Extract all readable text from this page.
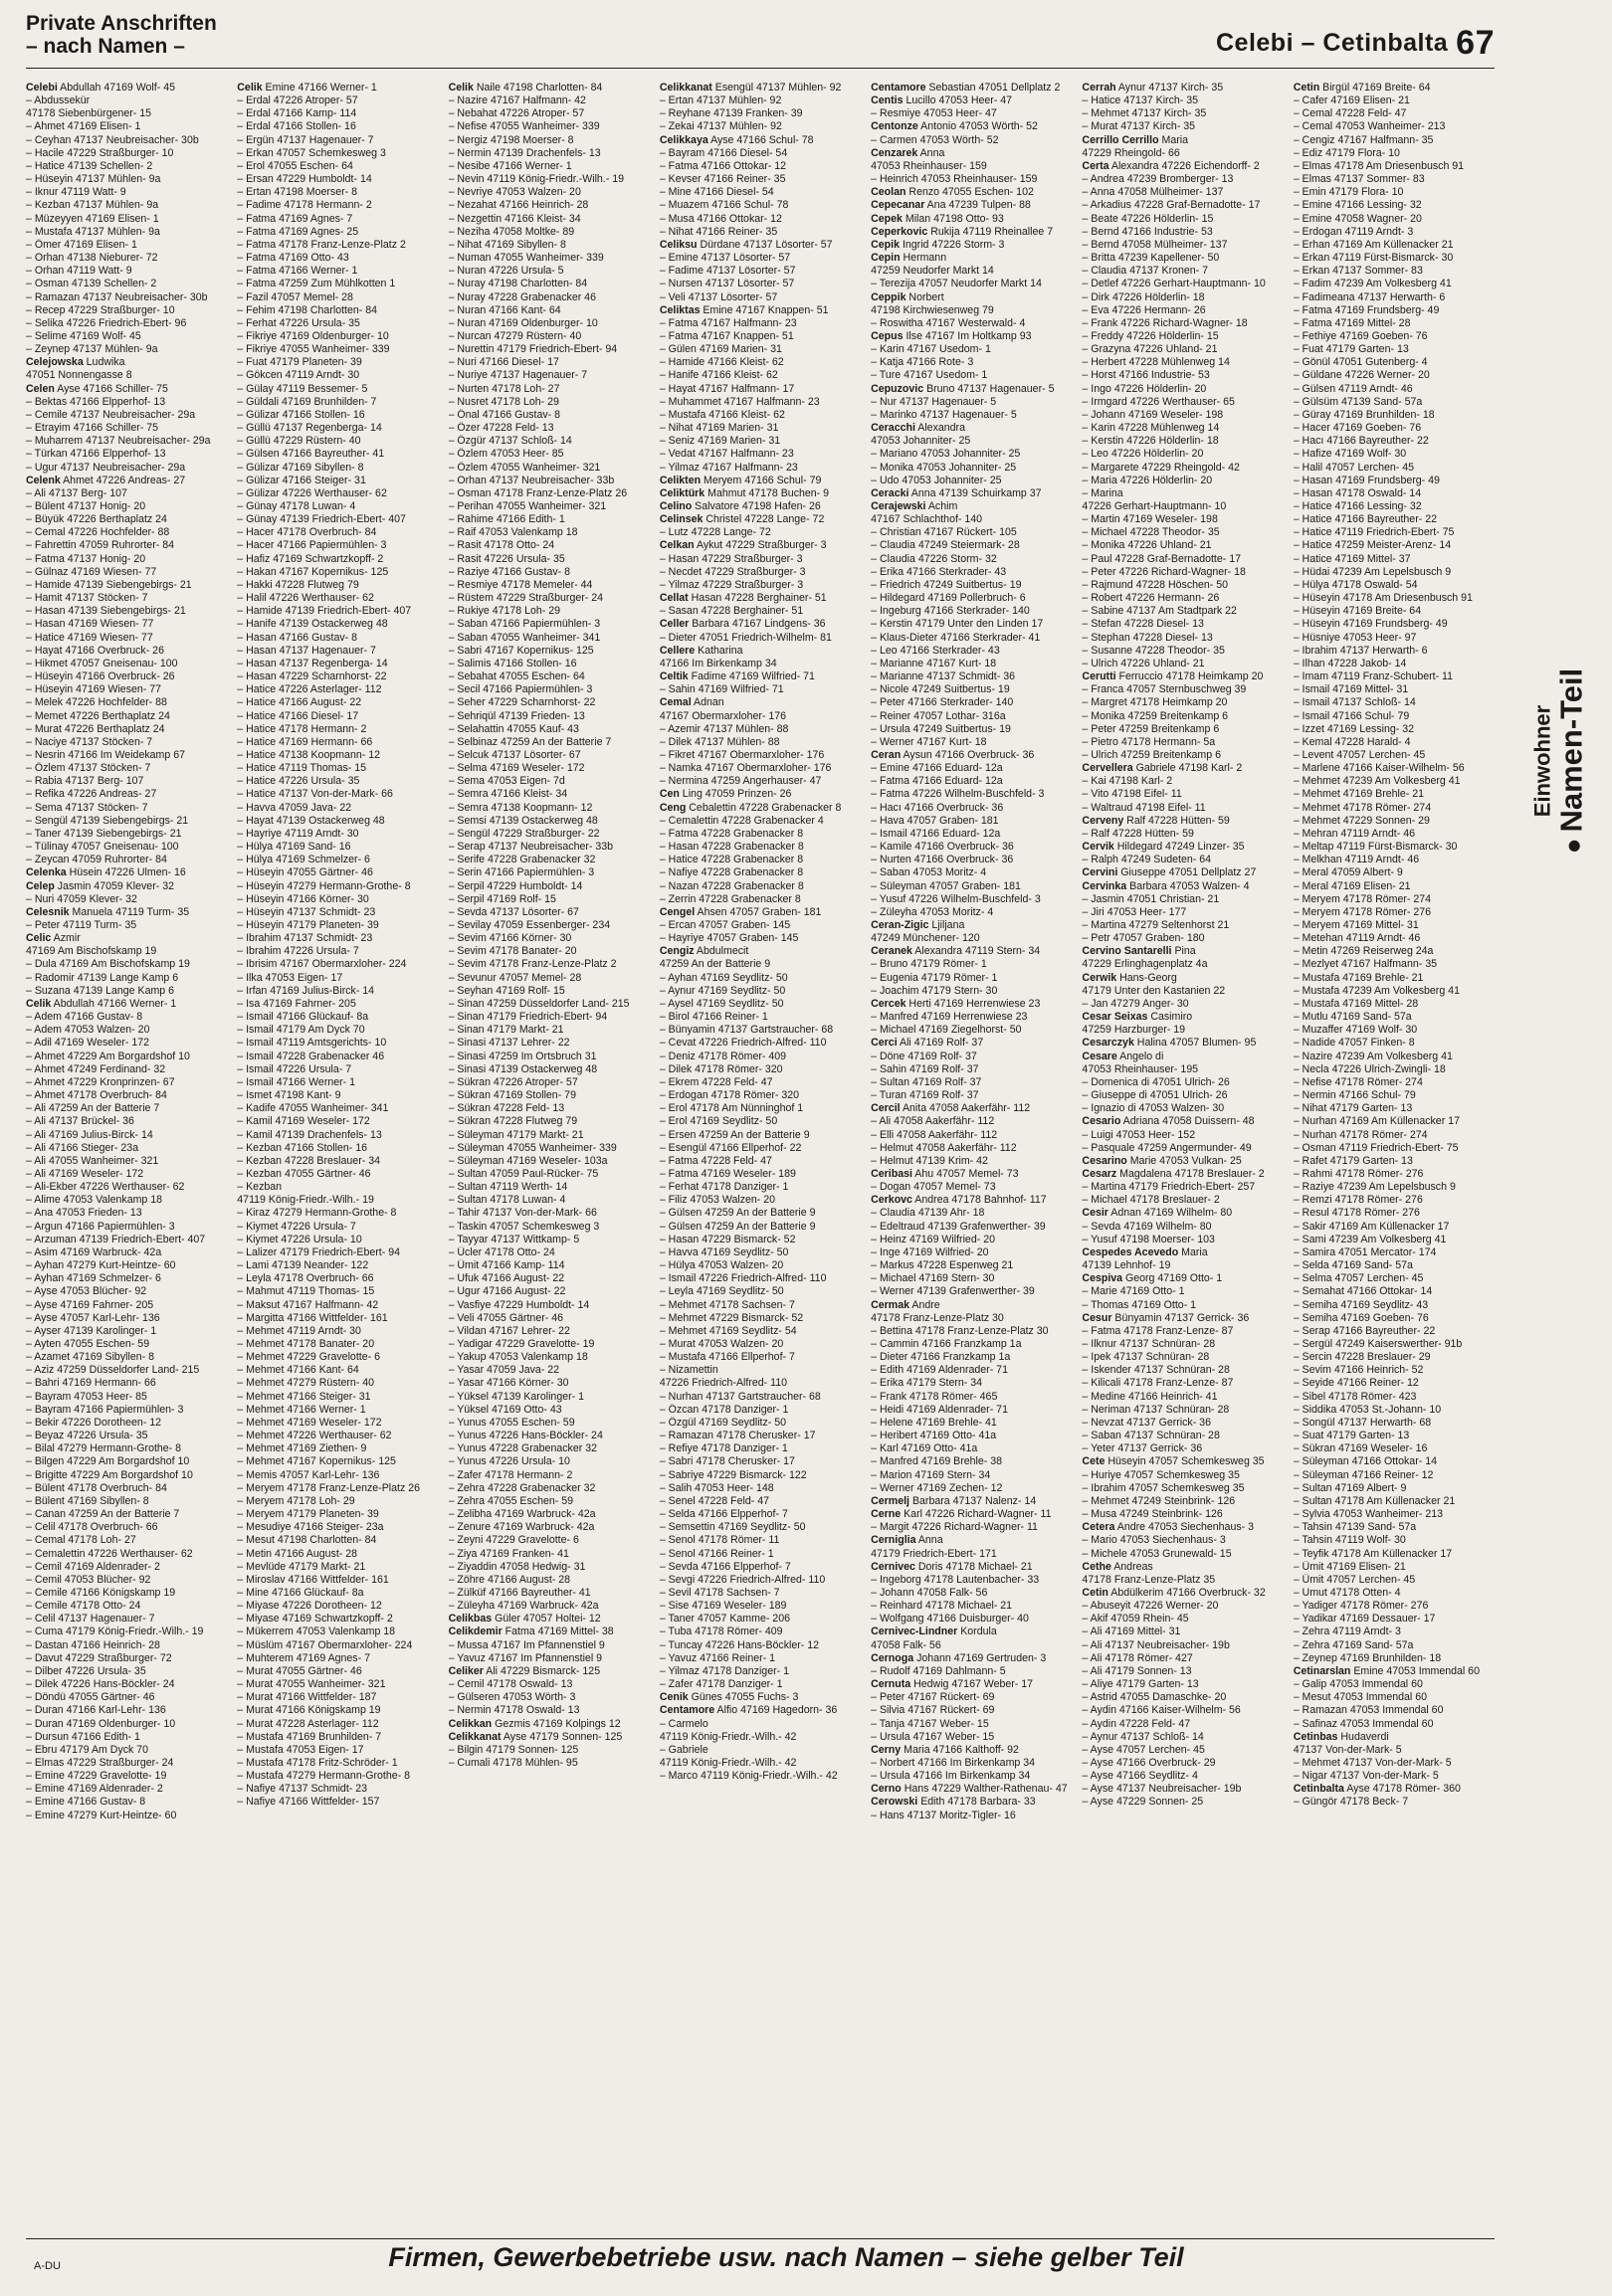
Private Anschriften
– nach Namen –	Celebi – Cetinbalta 67
Celebi Abdullah 47169 Wolf- 45
– Abdussekür
47178 Siebenbürgener- 15
– Ahmet 47169 Elisen- 1
– Ceyhan 47137 Neubreisacher- 30b
– Hacile 47229 Straßburger- 10
– Hatice 47139 Schellen- 2
– Hüseyin 47137 Mühlen- 9a
– Iknur 47119 Watt- 9
– Kezban 47137 Mühlen- 9a
– Müzeyyen 47169 Elisen- 1
– Mustafa 47137 Mühlen- 9a
– Ömer 47169 Elisen- 1
– Orhan 47138 Nieburer- 72
– Orhan 47119 Watt- 9
– Osman 47139 Schellen- 2
– Ramazan 47137 Neubreisacher- 30b
– Recep 47229 Straßburger- 10
– Selika 47226 Friedrich-Ebert- 96
– Selime 47169 Wolf- 45
– Zeynep 47137 Mühlen- 9a
Celejowska Ludwika
47051 Nonnengasse 8
Celen Ayse 47166 Schiller- 75
– Bektas 47166 Elpperhof- 13
– Cemile 47137 Neubreisacher- 29a
– Etrayim 47166 Schiller- 75
– Muharrem 47137 Neubreisacher- 29a
– Türkan 47166 Elpperhof- 13
– Ugur 47137 Neubreisacher- 29a
Celenk Ahmet 47226 Andreas- 27
– Ali 47137 Berg- 107
– Bülent 47137 Honig- 20
– Büyük 47226 Berthaplatz 24
– Cemal 47226 Hochfelder- 88
– Fahrettin 47059 Ruhrorter- 84
– Fatma 47137 Honig- 20
– Gülnaz 47169 Wiesen- 77
– Hamide 47139 Siebengebirgs- 21
– Hamit 47137 Stöcken- 7
– Hasan 47139 Siebengebirgs- 21
– Hasan 47169 Wiesen- 77
– Hatice 47169 Wiesen- 77
– Hayat 47166 Overbruck- 26
– Hikmet 47057 Gneisenau- 100
– Hüseyin 47166 Overbruck- 26
– Hüseyin 47169 Wiesen- 77
– Melek 47226 Hochfelder- 88
– Memet 47226 Berthaplatz 24
– Murat 47226 Berthaplatz 24
– Naciye 47137 Stöcken- 7
– Nesrin 47166 Im Weidekamp 67
– Özlem 47137 Stöcken- 7
– Rabia 47137 Berg- 107
– Refika 47226 Andreas- 27
– Sema 47137 Stöcken- 7
– Sengül 47139 Siebengebirgs- 21
– Taner 47139 Siebengebirgs- 21
– Tülinay 47057 Gneisenau- 100
– Zeycan 47059 Ruhrorter- 84
Celenka Hüsein 47226 Ulmen- 16
Celep Jasmin 47059 Klever- 32
– Nuri 47059 Klever- 32
Celesnik Manuela 47119 Turm- 35
– Peter 47119 Turm- 35
Celic Azmir
47169 Am Bischofskamp 19
– Dula 47169 Am Bischofskamp 19
– Radomir 47139 Lange Kamp 6
– Suzana 47139 Lange Kamp 6
Celik Abdullah 47166 Werner- 1
– Adem 47166 Gustav- 8
– Adem 47053 Walzen- 20
– Adil 47169 Weseler- 172
– Ahmet 47229 Am Borgardshof 10
– Ahmet 47249 Ferdinand- 32
– Ahmet 47229 Kronprinzen- 67
– Ahmet 47178 Overbruch- 84
– Ali 47259 An der Batterie 7
– Ali 47137 Brückel- 36
– Ali 47169 Julius-Birck- 14
– Ali 47166 Stieger- 23a
– Ali 47055 Wanheimer- 321
– Ali 47169 Weseler- 172
– Ali-Ekber 47226 Werthauser- 62
– Alime 47053 Valenkamp 18
– Ana 47053 Frieden- 13
– Argun 47166 Papiermühlen- 3
– Arzuman 47139 Friedrich-Ebert- 407
– Asim 47169 Warbruck- 42a
– Ayhan 47279 Kurt-Heintze- 60
– Ayhan 47169 Schmelzer- 6
– Ayse 47053 Blücher- 92
– Ayse 47169 Fahrner- 205
– Ayse 47057 Karl-Lehr- 136
– Ayser 47139 Karolinger- 1
– Ayten 47055 Eschen- 59
– Azamet 47169 Sibyllen- 8
– Aziz 47259 Düsseldorfer Land- 215
– Bahri 47169 Hermann- 66
– Bayram 47053 Heer- 85
– Bayram 47166 Papiermühlen- 3
– Bekir 47226 Dorotheen- 12
– Beyaz 47226 Ursula- 35
– Bilal 47279 Hermann-Grothe- 8
– Bilgen 47229 Am Borgardshof 10
– Brigitte 47229 Am Borgardshof 10
– Bülent 47178 Overbruch- 84
– Bülent 47169 Sibyllen- 8
– Canan 47259 An der Batterie 7
– Celil 47178 Overbruch- 66
– Cemal 47178 Loh- 27
– Cemalettin 47226 Werthauser- 62
– Cemil 47169 Aldenrader- 2
– Cemil 47053 Blücher- 92
– Cemile 47166 Königskamp 19
– Cemile 47178 Otto- 24
– Celil 47137 Hagenauer- 7
– Cuma 47179 König-Friedr.-Wilh.- 19
– Dastan 47166 Heinrich- 28
– Davut 47229 Straßburger- 72
– Dilber 47226 Ursula- 35
– Dilek 47226 Hans-Böckler- 24
– Döndü 47055 Gärtner- 46
– Duran 47166 Karl-Lehr- 136
– Duran 47169 Oldenburger- 10
– Dursun 47166 Edith- 1
– Ebru 47179 Am Dyck 70
– Elmas 47229 Straßburger- 24
– Emine 47229 Gravelotte- 19
– Emine 47169 Aldenrader- 2
– Emine 47166 Gustav- 8
– Emine 47279 Kurt-Heintze- 60
Celik Emine 47166 Werner- 1
– Erdal 47226 Atroper- 57
– Erdal 47166 Kamp- 114
– Erdal 47166 Stollen- 16
– Ergün 47137 Hagenauer- 7
– Erkan 47057 Schemkesweg 3
– Erol 47055 Eschen- 64
– Ersan 47229 Humboldt- 14
– Ertan 47198 Moerser- 8
– Fadime 47178 Hermann- 2
– Fatma 47169 Agnes- 7
– Fatma 47169 Agnes- 25
– Fatma 47178 Franz-Lenze-Platz 2
– Fatma 47169 Otto- 43
– Fatma 47166 Werner- 1
– Fatma 47259 Zum Mühlkotten 1
– Fazil 47057 Memel- 28
– Fehim 47198 Charlotten- 84
– Ferhat 47226 Ursula- 35
– Fikriye 47169 Oldenburger- 10
– Fikriye 47055 Wanheimer- 339
– Fuat 47179 Planeten- 39
– Gökcen 47119 Arndt- 30
– Gülay 47119 Bessemer- 5
– Güldali 47169 Brunhilden- 7
– Gülizar 47166 Stollen- 16
– Güllü 47137 Regenberga- 14
– Güllü 47229 Rüstern- 40
– Gülsen 47166 Bayreuther- 41
– Gülizar 47169 Sibyllen- 8
– Gülizar 47166 Steiger- 31
– Gülizar 47226 Werthauser- 62
– Günay 47178 Luwan- 4
– Günay 47139 Friedrich-Ebert- 407
– Hacer 47178 Overbruch- 84
– Hacer 47166 Papiermühlen- 3
– Hafiz 47169 Schwartzkopff- 2
– Hakan 47167 Kopernikus- 125
– Hakki 47228 Flutweg 79
– Halil 47226 Werthauser- 62
– Hamide 47139 Friedrich-Ebert- 407
– Hanife 47139 Ostackerweg 48
– Hasan 47166 Gustav- 8
– Hasan 47137 Hagenauer- 7
– Hasan 47137 Regenberga- 14
– Hasan 47229 Scharnhorst- 22
– Hatice 47226 Asterlager- 112
– Hatice 47166 August- 22
– Hatice 47166 Diesel- 17
– Hatice 47178 Hermann- 2
– Hatice 47169 Hermann- 66
– Hatice 47138 Koopmann- 12
– Hatice 47119 Thomas- 15
– Hatice 47226 Ursula- 35
– Hatice 47137 Von-der-Mark- 66
– Havva 47059 Java- 22
– Hayat 47139 Ostackerweg 48
– Hayriye 47119 Arndt- 30
– Hülya 47169 Sand- 16
– Hülya 47169 Schmelzer- 6
– Hüseyin 47055 Gärtner- 46
– Hüseyin 47279 Hermann-Grothe- 8
– Hüseyin 47166 Körner- 30
– Hüseyin 47137 Schmidt- 23
– Hüseyin 47179 Planeten- 39
– Ibrahim 47137 Schmidt- 23
– Ibrahim 47226 Ursula- 7
– Ibrisim 47167 Obermarxloher- 224
– Ilka 47053 Eigen- 17
– Irfan 47169 Julius-Birck- 14
– Isa 47169 Fahrner- 205
– Ismail 47166 Glückauf- 8a
– Ismail 47179 Am Dyck 70
– Ismail 47119 Amtsgerichts- 10
– Ismail 47228 Grabenacker 46
– Ismail 47226 Ursula- 7
– Ismail 47166 Werner- 1
– Ismet 47198 Kant- 9
– Kadife 47055 Wanheimer- 341
– Kamil 47169 Weseler- 172
– Kamil 47139 Drachenfels- 13
– Kezban 47166 Stollen- 16
– Kezban 47228 Breslauer- 34
– Kezban 47055 Gärtner- 46
– Kezban
47119 König-Friedr.-Wilh.- 19
– Kiraz 47279 Hermann-Grothe- 8
– Kiymet 47226 Ursula- 7
– Kiymet 47226 Ursula- 10
– Lalizer 47179 Friedrich-Ebert- 94
– Lami 47139 Neander- 122
– Leyla 47178 Overbruch- 66
– Mahmut 47119 Thomas- 15
– Maksut 47167 Halfmann- 42
– Margitta 47166 Wittfelder- 161
– Mehmet 47119 Arndt- 30
– Mehmet 47178 Banater- 20
– Mehmet 47229 Gravelotte- 6
– Mehmet 47166 Kant- 64
– Mehmet 47279 Rüstern- 40
– Mehmet 47166 Steiger- 31
– Mehmet 47166 Werner- 1
– Mehmet 47169 Weseler- 172
– Mehmet 47226 Werthauser- 62
– Mehmet 47169 Ziethen- 9
– Mehmet 47167 Kopernikus- 125
– Memis 47057 Karl-Lehr- 136
– Meryem 47178 Franz-Lenze-Platz 26
– Meryem 47178 Loh- 29
– Meryem 47179 Planeten- 39
– Mesudiye 47166 Steiger- 23a
– Mesut 47198 Charlotten- 84
– Metin 47166 August- 28
– Mevlüde 47179 Markt- 21
– Miroslav 47166 Wittfelder- 161
– Mine 47166 Glückauf- 8a
– Miyase 47226 Dorotheen- 12
– Miyase 47169 Schwartzkopff- 2
– Mükerrem 47053 Valenkamp 18
– Müslüm 47167 Obermarxloher- 224
– Muhterem 47169 Agnes- 7
– Murat 47055 Gärtner- 46
– Murat 47055 Wanheimer- 321
– Murat 47166 Wittfelder- 187
– Murat 47166 Königskamp 19
– Murat 47228 Asterlager- 112
– Mustafa 47169 Brunhilden- 7
– Mustafa 47053 Eigen- 17
– Mustafa 47178 Fritz-Schröder- 1
– Mustafa 47279 Hermann-Grothe- 8
– Nafiye 47137 Schmidt- 23
– Nafiye 47166 Wittfelder- 157
Celik Naile 47198 Charlotten- 84
– Nazire 47167 Halfmann- 42
– Nebahat 47226 Atroper- 57
– Nefise 47055 Wanheimer- 339
– Nergiz 47198 Moerser- 8
– Nermin 47139 Drachenfels- 13
– Nesibe 47166 Werner- 1
– Nevin 47119 König-Friedr.-Wilh.- 19
– Nevriye 47053 Walzen- 20
– Nezahat 47166 Heinrich- 28
– Nezgettin 47166 Kleist- 34
– Neziha 47058 Moltke- 89
– Nihat 47169 Sibyllen- 8
– Numan 47055 Wanheimer- 339
– Nuran 47226 Ursula- 5
– Nuray 47198 Charlotten- 84
– Nuray 47228 Grabenacker 46
– Nuran 47166 Kant- 64
– Nuran 47169 Oldenburger- 10
– Nurcan 47279 Rüstern- 40
– Nurettin 47179 Friedrich-Ebert- 94
– Nuri 47166 Diesel- 17
– Nuriye 47137 Hagenauer- 7
– Nurten 47178 Loh- 27
– Nusret 47178 Loh- 29
– Önal 47166 Gustav- 8
– Özer 47228 Feld- 13
– Özgür 47137 Schloß- 14
– Özlem 47053 Heer- 85
– Özlem 47055 Wanheimer- 321
– Orhan 47137 Neubreisacher- 33b
– Osman 47178 Franz-Lenze-Platz 26
– Perihan 47055 Wanheimer- 321
– Rahime 47166 Edith- 1
– Raif 47053 Valenkamp 18
– Rasit 47178 Otto- 24
– Rasit 47226 Ursula- 35
– Raziye 47166 Gustav- 8
– Resmiye 47178 Memeler- 44
– Rüstem 47229 Straßburger- 24
– Rukiye 47178 Loh- 29
– Saban 47166 Papiermühlen- 3
– Saban 47055 Wanheimer- 341
– Sabri 47167 Kopernikus- 125
– Salimis 47166 Stollen- 16
– Sebahat 47055 Eschen- 64
– Secil 47166 Papiermühlen- 3
– Seher 47229 Scharnhorst- 22
– Sehriqül 47139 Frieden- 13
– Selahattin 47055 Kauf- 43
– Selbinaz 47259 An der Batterie 7
– Selcuk 47137 Lösorter- 67
– Selma 47169 Weseler- 172
– Sema 47053 Eigen- 7d
– Semra 47166 Kleist- 34
– Semra 47138 Koopmann- 12
– Semsi 47139 Ostackerweg 48
– Sengül 47229 Straßburger- 22
– Serap 47137 Neubreisacher- 33b
– Serife 47228 Grabenacker 32
– Serin 47166 Papiermühlen- 3
– Serpil 47229 Humboldt- 14
– Serpil 47169 Rolf- 15
– Sevda 47137 Lösorter- 67
– Sevilay 47059 Essenberger- 234
– Sevim 47166 Körner- 30
– Sevim 47178 Banater- 20
– Sevim 47178 Franz-Lenze-Platz 2
– Sevunur 47057 Memel- 28
– Seyhan 47169 Rolf- 15
– Sinan 47259 Düsseldorfer Land- 215
– Sinan 47179 Friedrich-Ebert- 94
– Sinan 47179 Markt- 21
– Sinasi 47137 Lehrer- 22
– Sinasi 47259 Im Ortsbruch 31
– Sinasi 47139 Ostackerweg 48
– Sükran 47226 Atroper- 57
– Sükran 47169 Stollen- 79
– Sükran 47228 Feld- 13
– Sükran 47228 Flutweg 79
– Süleyman 47179 Markt- 21
– Süleyman 47055 Wanheimer- 339
– Süleyman 47169 Weseler- 103a
– Sultan 47059 Paul-Rücker- 75
– Sultan 47119 Werth- 14
– Sultan 47178 Luwan- 4
– Tahir 47137 Von-der-Mark- 66
– Taskin 47057 Schemkesweg 3
– Tayyar 47137 Wittkamp- 5
– Ücler 47178 Otto- 24
– Ümit 47166 Kamp- 114
– Ufuk 47166 August- 22
– Ugur 47166 August- 22
– Vasfiye 47229 Humboldt- 14
– Veli 47055 Gärtner- 46
– Vildan 47167 Lehrer- 22
– Yadigar 47229 Gravelotte- 19
– Yakup 47053 Valenkamp 18
– Yasar 47059 Java- 22
– Yasar 47166 Körner- 30
– Yüksel 47139 Karolinger- 1
– Yüksel 47169 Otto- 43
– Yunus 47055 Eschen- 59
– Yunus 47226 Hans-Böckler- 24
– Yunus 47228 Grabenacker 32
– Yunus 47226 Ursula- 10
– Zafer 47178 Hermann- 2
– Zehra 47228 Grabenacker 32
– Zehra 47055 Eschen- 59
– Zelibha 47169 Warbruck- 42a
– Zenure 47169 Warbruck- 42a
– Zeyni 47229 Gravelotte- 6
– Ziya 47169 Franken- 41
– Ziyaddin 47058 Hedwig- 31
– Zöhre 47166 August- 28
– Zülküf 47166 Bayreuther- 41
– Züleyha 47169 Warbruck- 42a
Celikbas Güler 47057 Holtei- 12
Celikdemir Fatma 47169 Mittel- 38
– Mussa 47167 Im Pfannenstiel 9
– Yavuz 47167 Im Pfannenstiel 9
Celiker Ali 47229 Bismarck- 125
– Cemil 47178 Oswald- 13
– Gülseren 47053 Wörth- 3
– Nermin 47178 Oswald- 13
Celikkan Gezmis 47169 Kolpings 12
Celikkanat Ayse 47179 Sonnen- 125
– Bilgin 47179 Sonnen- 125
– Cumali 47178 Mühlen- 95
Celikkanat Esengül 47137 Mühlen- 92
– Ertan 47137 Mühlen- 92
– Reyhane 47139 Franken- 39
– Zekai 47137 Mühlen- 92
Celikkaya Ayse 47166 Schul- 78
– Bayram 47166 Diesel- 54
– Fatma 47166 Ottokar- 12
– Kevser 47166 Reiner- 35
– Mine 47166 Diesel- 54
– Muazem 47166 Schul- 78
– Musa 47166 Ottokar- 12
– Nihat 47166 Reiner- 35
Celiksu Dürdane 47137 Lösorter- 57
– Emine 47137 Lösorter- 57
– Fadime 47137 Lösorter- 57
– Nursen 47137 Lösorter- 57
– Veli 47137 Lösorter- 57
Celiktas Emine 47167 Knappen- 51
– Fatma 47167 Halfmann- 23
– Fatma 47167 Knappen- 51
– Gülen 47169 Marien- 31
– Hamide 47166 Kleist- 62
– Hanife 47166 Kleist- 62
– Hayat 47167 Halfmann- 17
– Muhammet 47167 Halfmann- 23
– Mustafa 47166 Kleist- 62
– Nihat 47169 Marien- 31
– Seniz 47169 Marien- 31
– Vedat 47167 Halfmann- 23
– Yilmaz 47167 Halfmann- 23
Celikten Meryem 47166 Schul- 79
Celiktürk Mahmut 47178 Buchen- 9
Celino Salvatore 47198 Hafen- 26
Celinsek Christel 47228 Lange- 72
– Lutz 47228 Lange- 72
Celkan Aykut 47229 Straßburger- 3
– Hasan 47229 Straßburger- 3
– Necdet 47229 Straßburger- 3
– Yilmaz 47229 Straßburger- 3
Cellat Hasan 47228 Berghainer- 51
– Sasan 47228 Berghainer- 51
Celler Barbara 47167 Lindgens- 36
– Dieter 47051 Friedrich-Wilhelm- 81
Cellere Katharina
47166 Im Birkenkamp 34
Celtik Fadime 47169 Wilfried- 71
– Sahin 47169 Wilfried- 71
Cemal Adnan
47167 Obermarxloher- 176
– Azemir 47137 Mühlen- 88
– Dilek 47137 Mühlen- 88
– Fikret 47167 Obermarxloher- 176
– Namka 47167 Obermarxloher- 176
– Nermina 47259 Angerhauser- 47
Cen Ling 47059 Prinzen- 26
Ceng Cebalettin 47228 Grabenacker 8
– Cemalettin 47228 Grabenacker 4
– Fatma 47228 Grabenacker 8
– Hasan 47228 Grabenacker 8
– Hatice 47228 Grabenacker 8
– Nafiye 47228 Grabenacker 8
– Nazan 47228 Grabenacker 8
– Zerrin 47228 Grabenacker 8
Cengel Ahsen 47057 Graben- 181
– Ercan 47057 Graben- 145
– Hayriye 47057 Graben- 145
Cengiz Abdulmecit
47259 An der Batterie 9
– Ayhan 47169 Seydlitz- 50
– Aynur 47169 Seydlitz- 50
– Aysel 47169 Seydlitz- 50
– Birol 47166 Reiner- 1
– Bünyamin 47137 Gartstraucher- 68
– Cevat 47226 Friedrich-Alfred- 110
– Deniz 47178 Römer- 409
– Dilek 47178 Römer- 320
– Ekrem 47228 Feld- 47
– Erdogan 47178 Römer- 320
– Erol 47178 Am Nünninghof 1
– Erol 47169 Seydlitz- 50
– Ersen 47259 An der Batterie 9
– Esengül 47166 Ellperhof- 22
– Fatma 47228 Feld- 47
– Fatma 47169 Weseler- 189
– Ferhat 47178 Danziger- 1
– Filiz 47053 Walzen- 20
– Gülsen 47259 An der Batterie 9
– Gülsen 47259 An der Batterie 9
– Hasan 47229 Bismarck- 52
– Havva 47169 Seydlitz- 50
– Hülya 47053 Walzen- 20
– Ismail 47226 Friedrich-Alfred- 110
– Leyla 47169 Seydlitz- 50
– Mehmet 47178 Sachsen- 7
– Mehmet 47229 Bismarck- 52
– Mehmet 47169 Seydlitz- 54
– Murat 47053 Walzen- 20
– Mustafa 47166 Ellperhof- 7
– Nizamettin
47226 Friedrich-Alfred- 110
– Nurhan 47137 Gartstraucher- 68
– Özcan 47178 Danziger- 1
– Özgül 47169 Seydlitz- 50
– Ramazan 47178 Cherusker- 17
– Refiye 47178 Danziger- 1
– Sabri 47178 Cherusker- 17
– Sabriye 47229 Bismarck- 122
– Salih 47053 Heer- 148
– Senel 47228 Feld- 47
– Selda 47166 Elpperhof- 7
– Semsettin 47169 Seydlitz- 50
– Senol 47178 Römer- 11
– Senol 47166 Reiner- 1
– Sevda 47166 Elpperhof- 7
– Sevgi 47226 Friedrich-Alfred- 110
– Sevil 47178 Sachsen- 7
– Sise 47169 Weseler- 189
– Taner 47057 Kamme- 206
– Tuba 47178 Römer- 409
– Tuncay 47226 Hans-Böckler- 12
– Yavuz 47166 Reiner- 1
– Yilmaz 47178 Danziger- 1
– Zafer 47178 Danziger- 1
Cenik Günes 47055 Fuchs- 3
Centamore Alfio 47169 Hagedorn- 36
– Carmelo
47119 König-Friedr.-Wilh.- 42
– Gabriele
47119 König-Friedr.-Wilh.- 42
– Marco 47119 König-Friedr.-Wilh.- 42
Centamore Sebastian 47051 Dellplatz 2
Centis Lucillo 47053 Heer- 47
– Resmiye 47053 Heer- 47
Centonze Antonio 47053 Wörth- 52
– Carmen 47053 Wörth- 52
Cenzarek Anna
47053 Rheinhauser- 159
– Heinrich 47053 Rheinhauser- 159
Ceolan Renzo 47055 Eschen- 102
Cepecanar Ana 47239 Tulpen- 88
Cepek Milan 47198 Otto- 93
Ceperkovic Rukija 47119 Rheinallee 7
Cepik Ingrid 47226 Storm- 3
Cepin Hermann
47259 Neudorfer Markt 14
– Terezija 47057 Neudorfer Markt 14
Ceppik Norbert
47198 Kirchwiesenweg 79
– Roswitha 47167 Westerwald- 4
Cepus Ilse 47167 Im Holtkamp 93
– Karin 47167 Usedom- 1
– Katja 47166 Rote- 3
– Ture 47167 Usedom- 1
Cepuzovic Bruno 47137 Hagenauer- 5
– Nur 47137 Hagenauer- 5
– Marinko 47137 Hagenauer- 5
Ceracchi Alexandra
47053 Johanniter- 25
– Mariano 47053 Johanniter- 25
– Monika 47053 Johanniter- 25
– Udo 47053 Johanniter- 25
Ceracki Anna 47139 Schuirkamp 37
Cerajewski Achim
47167 Schlachthof- 140
– Christian 47167 Rückert- 105
– Claudia 47249 Steiermark- 28
– Claudia 47226 Storm- 32
– Erika 47166 Sterkrader- 43
– Friedrich 47249 Suitbertus- 19
– Hildegard 47169 Pollerbruch- 6
– Ingeburg 47166 Sterkrader- 140
– Kerstin 47179 Unter den Linden 17
– Klaus-Dieter 47166 Sterkrader- 41
– Leo 47166 Sterkrader- 43
– Marianne 47167 Kurt- 18
– Marianne 47137 Schmidt- 36
– Nicole 47249 Suitbertus- 19
– Peter 47166 Sterkrader- 140
– Reiner 47057 Lothar- 316a
– Ursula 47249 Suitbertus- 19
– Werner 47167 Kurt- 18
Ceran Aysun 47166 Overbruck- 36
– Emine 47166 Eduard- 12a
– Fatma 47166 Eduard- 12a
– Fatma 47226 Wilhelm-Buschfeld- 3
– Hacı 47166 Overbruck- 36
– Hava 47057 Graben- 181
– Ismail 47166 Eduard- 12a
– Kamile 47166 Overbruck- 36
– Nurten 47166 Overbruck- 36
– Saban 47053 Moritz- 4
– Süleyman 47057 Graben- 181
– Yusuf 47226 Wilhelm-Buschfeld- 3
– Züleyha 47053 Moritz- 4
Ceran-Zigic Ljiljana
47249 Münchener- 120
Ceranek Alexandra 47119 Stern- 34
– Bruno 47179 Römer- 1
– Eugenia 47179 Römer- 1
– Joachim 47179 Stern- 30
Cercek Herti 47169 Herrenwiese 23
– Manfred 47169 Herrenwiese 23
– Michael 47169 Ziegelhorst- 50
Cerci Ali 47169 Rolf- 37
– Döne 47169 Rolf- 37
– Sahin 47169 Rolf- 37
– Sultan 47169 Rolf- 37
– Turan 47169 Rolf- 37
Cercil Anita 47058 Aakerfähr- 112
– Ali 47058 Aakerfähr- 112
– Elli 47058 Aakerfähr- 112
– Helmut 47058 Aakerfähr- 112
– Helmut 47139 Krim- 42
Ceribasi Ahu 47057 Memel- 73
– Dogan 47057 Memel- 73
Cerkovc Andrea 47178 Bahnhof- 117
– Claudia 47139 Ahr- 18
– Edeltraud 47139 Grafenwerther- 39
– Heinz 47169 Wilfried- 20
– Inge 47169 Wilfried- 20
– Markus 47228 Espenweg 21
– Michael 47169 Stern- 30
– Werner 47139 Grafenwerther- 39
Cermak Andre
47178 Franz-Lenze-Platz 30
– Bettina 47178 Franz-Lenze-Platz 30
– Cammin 47166 Franzkamp 1a
– Dieter 47166 Franzkamp 1a
– Edith 47169 Aldenrader- 71
– Erika 47179 Stern- 34
– Frank 47178 Römer- 465
– Heidi 47169 Aldenrader- 71
– Helene 47169 Brehle- 41
– Heribert 47169 Otto- 41a
– Karl 47169 Otto- 41a
– Manfred 47169 Brehle- 38
– Marion 47169 Stern- 34
– Werner 47169 Zechen- 12
Cermelj Barbara 47137 Nalenz- 14
Cerne Karl 47226 Richard-Wagner- 11
– Margit 47226 Richard-Wagner- 11
Cerniglia Anna
47179 Friedrich-Ebert- 171
Cernivec Doris 47178 Michael- 21
– Ingeborg 47178 Lautenbacher- 33
– Johann 47058 Falk- 56
– Reinhard 47178 Michael- 21
– Wolfgang 47166 Duisburger- 40
Cernivec-Lindner Kordula
47058 Falk- 56
Cernoga Johann 47169 Gertruden- 3
– Rudolf 47169 Dahlmann- 5
Cernuta Hedwig 47167 Weber- 17
– Peter 47167 Rückert- 69
– Silvia 47167 Rückert- 69
– Tanja 47167 Weber- 15
– Ursula 47167 Weber- 15
Cerny Maria 47166 Kalthoff- 92
– Norbert 47166 Im Birkenkamp 34
– Ursula 47166 Im Birkenkamp 34
Cerno Hans 47229 Walther-Rathenau- 47
Cerowski Edith 47178 Barbara- 33
– Hans 47137 Moritz-Tigler- 16
Cerrah Aynur 47137 Kirch- 35
– Hatice 47137 Kirch- 35
– Mehmet 47137 Kirch- 35
– Murat 47137 Kirch- 35
Cerrillo Cerrillo Maria
47229 Rheingold- 66
Certa Alexandra 47226 Eichendorff- 2
– Andrea 47239 Bromberger- 13
– Anna 47058 Mülheimer- 137
– Arkadius 47228 Graf-Bernadotte- 17
– Beate 47226 Hölderlin- 15
– Bernd 47166 Industrie- 53
– Bernd 47058 Mülheimer- 137
– Britta 47239 Kapellener- 50
– Claudia 47137 Kronen- 7
– Detlef 47226 Gerhart-Hauptmann- 10
– Dirk 47226 Hölderlin- 18
– Eva 47226 Hermann- 26
– Frank 47226 Richard-Wagner- 18
– Freddy 47226 Hölderlin- 15
– Grazyna 47226 Uhland- 21
– Herbert 47228 Mühlenweg 14
– Horst 47166 Industrie- 53
– Ingo 47226 Hölderlin- 20
– Irmgard 47226 Werthauser- 65
– Johann 47169 Weseler- 198
– Karin 47228 Mühlenweg 14
– Kerstin 47226 Hölderlin- 18
– Leo 47226 Hölderlin- 20
– Margarete 47229 Rheingold- 42
– Maria 47226 Hölderlin- 20
– Marina
47226 Gerhart-Hauptmann- 10
– Martin 47169 Weseler- 198
– Michael 47228 Theodor- 35
– Monika 47226 Uhland- 21
– Paul 47228 Graf-Bernadotte- 17
– Peter 47226 Richard-Wagner- 18
– Rajmund 47228 Höschen- 50
– Robert 47226 Hermann- 26
– Sabine 47137 Am Stadtpark 22
– Stefan 47228 Diesel- 13
– Stephan 47228 Diesel- 13
– Susanne 47228 Theodor- 35
– Ulrich 47226 Uhland- 21
Cerutti Ferruccio 47178 Heimkamp 20
– Franca 47057 Sternbuschweg 39
– Margret 47178 Heimkamp 20
– Monika 47259 Breitenkamp 6
– Peter 47259 Breitenkamp 6
– Pietro 47178 Hermann- 5a
– Ulrich 47259 Breitenkamp 6
Cervellera Gabriele 47198 Karl- 2
– Kai 47198 Karl- 2
– Vito 47198 Eifel- 11
– Waltraud 47198 Eifel- 11
Cerveny Ralf 47228 Hütten- 59
– Ralf 47228 Hütten- 59
Cervik Hildegard 47249 Linzer- 35
– Ralph 47249 Sudeten- 64
Cervini Giuseppe 47051 Dellplatz 27
Cervinka Barbara 47053 Walzen- 4
– Jasmin 47051 Christian- 21
– Jiri 47053 Heer- 177
– Martina 47279 Seltenhorst 21
– Petr 47057 Graben- 180
Cervino Santarelli Pina
47229 Erlinghagenplatz 4a
Cerwik Hans-Georg
47179 Unter den Kastanien 22
– Jan 47279 Anger- 30
Cesar Seixas Casimiro
47259 Harzburger- 19
Cesarczyk Halina 47057 Blumen- 95
Cesare Angelo di
47053 Rheinhauser- 195
– Domenica di 47051 Ulrich- 26
– Giuseppe di 47051 Ulrich- 26
– Ignazio di 47053 Walzen- 30
Cesario Adriana 47058 Duissern- 48
– Luigi 47053 Heer- 152
– Pasquale 47259 Angermunder- 49
Cesarino Marie 47053 Vulkan- 25
Cesarz Magdalena 47178 Breslauer- 2
– Martina 47179 Friedrich-Ebert- 257
– Michael 47178 Breslauer- 2
Cesir Adnan 47169 Wilhelm- 80
– Sevda 47169 Wilhelm- 80
– Yusuf 47198 Moerser- 103
Cespedes Acevedo Maria
47139 Lehnhof- 19
Cespiva Georg 47169 Otto- 1
– Marie 47169 Otto- 1
– Thomas 47169 Otto- 1
Cesur Bünyamin 47137 Gerrick- 36
– Fatma 47178 Franz-Lenze- 87
– Ilknur 47137 Schnüran- 28
– Ipek 47137 Schnüran- 28
– Iskender 47137 Schnüran- 28
– Kilicali 47178 Franz-Lenze- 87
– Medine 47166 Heinrich- 41
– Neriman 47137 Schnüran- 28
– Nevzat 47137 Gerrick- 36
– Saban 47137 Schnüran- 28
– Yeter 47137 Gerrick- 36
Cete Hüseyin 47057 Schemkesweg 35
– Huriye 47057 Schemkesweg 35
– Ibrahim 47057 Schemkesweg 35
– Mehmet 47249 Steinbrink- 126
– Musa 47249 Steinbrink- 126
Cetera Andre 47053 Siechenhaus- 3
– Mario 47053 Siechenhaus- 3
– Michele 47053 Grunewald- 15
Cethe Andreas
47178 Franz-Lenze-Platz 35
Cetin Abdülkerim 47166 Overbruck- 32
– Abuseyit 47226 Werner- 20
– Akif 47059 Rhein- 45
– Ali 47169 Mittel- 31
– Ali 47137 Neubreisacher- 19b
– Ali 47178 Römer- 427
– Ali 47179 Sonnen- 13
– Aliye 47179 Garten- 13
– Astrid 47055 Damaschke- 20
– Aydin 47166 Kaiser-Wilhelm- 56
– Aydin 47228 Feld- 47
– Aynur 47137 Schloß- 14
– Ayse 47057 Lerchen- 45
– Ayse 47166 Overbruck- 29
– Ayse 47166 Seydlitz- 4
– Ayse 47137 Neubreisacher- 19b
– Ayse 47229 Sonnen- 25
Cetin Birgül 47169 Breite- 64
– Cafer 47169 Elisen- 21
– Cemal 47228 Feld- 47
– Cemal 47053 Wanheimer- 213
– Cengiz 47167 Halfmann- 35
– Ediz 47179 Flora- 10
– Elmas 47178 Am Driesenbusch 91
– Elmas 47137 Sommer- 83
– Emin 47179 Flora- 10
– Emine 47166 Lessing- 32
– Emine 47058 Wagner- 20
– Erdogan 47119 Arndt- 3
– Erhan 47169 Am Küllenacker 21
– Erkan 47119 Fürst-Bismarck- 30
– Erkan 47137 Sommer- 83
– Fadim 47239 Am Volkesberg 41
– Fadimeana 47137 Herwarth- 6
– Fatma 47169 Frundsberg- 49
– Fatma 47169 Mittel- 28
– Fethiye 47169 Goeben- 76
– Fuat 47179 Garten- 13
– Gönül 47051 Gutenberg- 4
– Güldane 47226 Werner- 20
– Gülsen 47119 Arndt- 46
– Gülsüm 47139 Sand- 57a
– Güray 47169 Brunhilden- 18
– Hacer 47169 Goeben- 76
– Hacı 47166 Bayreuther- 22
– Hafize 47169 Wolf- 30
– Halil 47057 Lerchen- 45
– Hasan 47169 Frundsberg- 49
– Hasan 47178 Oswald- 14
– Hatice 47166 Lessing- 32
– Hatice 47166 Bayreuther- 22
– Hatice 47119 Friedrich-Ebert- 75
– Hatice 47259 Meister-Arenz- 14
– Hatice 47169 Mittel- 37
– Hüdai 47239 Am Lepelsbusch 9
– Hülya 47178 Oswald- 54
– Hüseyin 47178 Am Driesenbusch 91
– Hüseyin 47169 Breite- 64
– Hüseyin 47169 Frundsberg- 49
– Hüsniye 47053 Heer- 97
– Ibrahim 47137 Herwarth- 6
– Ilhan 47228 Jakob- 14
– Imam 47119 Franz-Schubert- 11
– Ismail 47169 Mittel- 31
– Ismail 47137 Schloß- 14
– Ismail 47166 Schul- 79
– Izzet 47169 Lessing- 32
– Kemal 47228 Harald- 4
– Levent 47057 Lerchen- 45
– Marlene 47166 Kaiser-Wilhelm- 56
– Mehmet 47239 Am Volkesberg 41
– Mehmet 47169 Brehle- 21
– Mehmet 47178 Römer- 274
– Mehmet 47229 Sonnen- 29
– Mehran 47119 Arndt- 46
– Meltap 47119 Fürst-Bismarck- 30
– Melkhan 47119 Arndt- 46
– Meral 47059 Albert- 9
– Meral 47169 Elisen- 21
– Meryem 47178 Römer- 274
– Meryem 47178 Römer- 276
– Meryem 47169 Mittel- 31
– Metehan 47119 Arndt- 46
– Metin 47269 Reiserweg 24a
– Mezlyet 47167 Halfmann- 35
– Mustafa 47169 Brehle- 21
– Mustafa 47239 Am Volkesberg 41
– Mustafa 47169 Mittel- 28
– Mutlu 47169 Sand- 57a
– Muzaffer 47169 Wolf- 30
– Nadide 47057 Finken- 8
– Nazire 47239 Am Volkesberg 41
– Necla 47226 Ulrich-Zwingli- 18
– Nefise 47178 Römer- 274
– Nermin 47166 Schul- 79
– Nihat 47179 Garten- 13
– Nurhan 47169 Am Küllenacker 17
– Nurhan 47178 Römer- 274
– Osman 47119 Friedrich-Ebert- 75
– Rafet 47179 Garten- 13
– Rahmi 47178 Römer- 276
– Raziye 47239 Am Lepelsbusch 9
– Remzi 47178 Römer- 276
– Resul 47178 Römer- 276
– Sakir 47169 Am Küllenacker 17
– Sami 47239 Am Volkesberg 41
– Samira 47051 Mercator- 174
– Selda 47169 Sand- 57a
– Selma 47057 Lerchen- 45
– Semahat 47166 Ottokar- 14
– Semiha 47169 Seydlitz- 43
– Semiha 47169 Goeben- 76
– Serap 47166 Bayreuther- 22
– Sergül 47249 Kaiserswerther- 91b
– Sercin 47228 Breslauer- 29
– Sevim 47166 Heinrich- 52
– Seyide 47166 Reiner- 12
– Sibel 47178 Römer- 423
– Siddika 47053 St.-Johann- 10
– Songül 47137 Herwarth- 68
– Suat 47179 Garten- 13
– Sükran 47169 Weseler- 16
– Süleyman 47166 Ottokar- 14
– Süleyman 47166 Reiner- 12
– Sultan 47169 Albert- 9
– Sultan 47178 Am Küllenacker 21
– Sylvia 47053 Wanheimer- 213
– Tahsin 47139 Sand- 57a
– Tahsin 47119 Wolf- 30
– Teyfik 47178 Am Küllenacker 17
– Ümit 47169 Elisen- 21
– Ümit 47057 Lerchen- 45
– Umut 47178 Otten- 4
– Yadiger 47178 Römer- 276
– Yadikar 47169 Dessauer- 17
– Zehra 47119 Arndt- 3
– Zehra 47169 Sand- 57a
– Zeynep 47169 Brunhilden- 18
Cetinarslan Emine 47053 Immendal 60
– Galip 47053 Immendal 60
– Mesut 47053 Immendal 60
– Ramazan 47053 Immendal 60
– Safinaz 47053 Immendal 60
Cetinbas Hudaverdi
47137 Von-der-Mark- 5
– Mehmet 47137 Von-der-Mark- 5
– Nigar 47137 Von-der-Mark- 5
Cetinbalta Ayse 47178 Römer- 360
– Güngör 47178 Beck- 7
Einwohner
●Namen-Teil
Firmen, Gewerbebetriebe usw. nach Namen – siehe gelber Teil
A-DU
